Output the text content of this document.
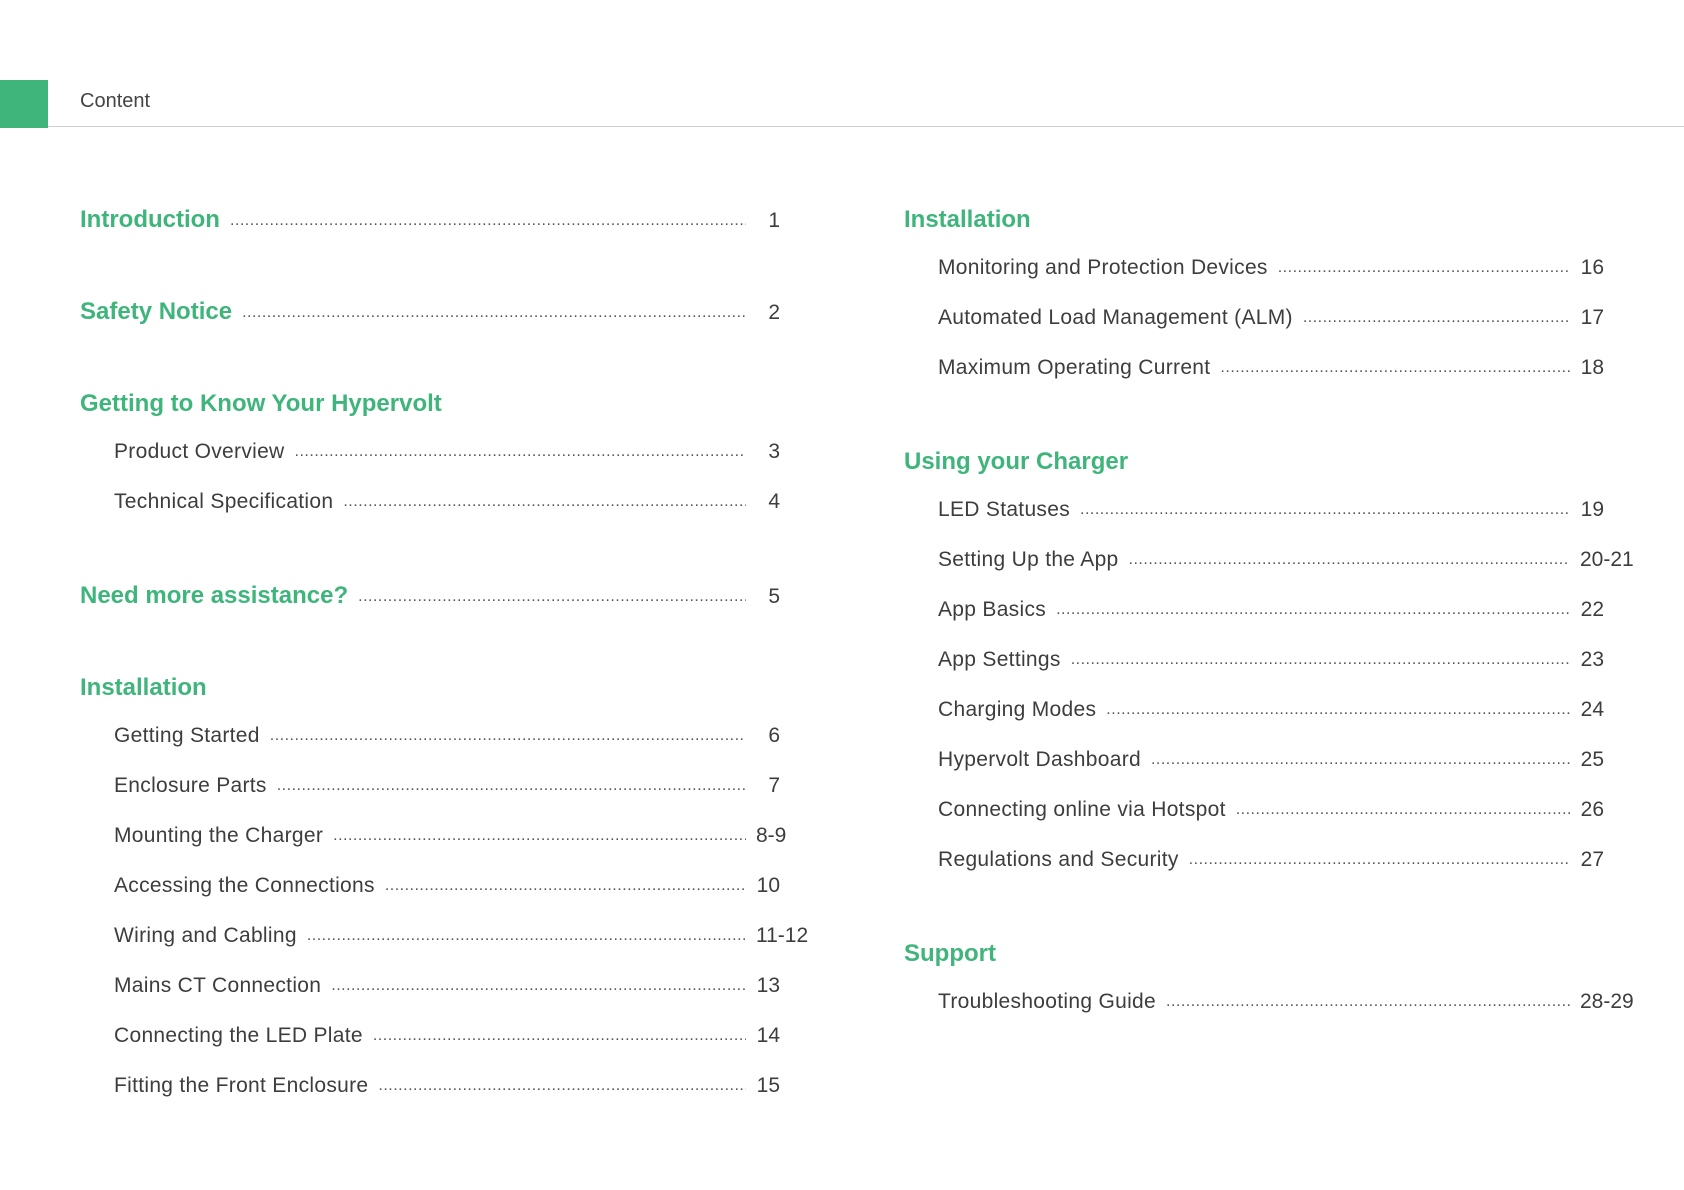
Content
Introduction .....	1
Safety Notice .....	2
Getting to Know Your Hypervolt
Product Overview .....	3
Technical Specification .....	4
Need more assistance? .....	5
Installation
Getting Started .....	6
Enclosure Parts .....	7
Mounting the Charger .....	8-9
Accessing the Connections .....	10
Wiring and Cabling .....	11-12
Mains CT Connection .....	13
Connecting the LED Plate .....	14
Fitting the Front Enclosure .....	15
Installation
Monitoring and Protection Devices .....	16
Automated Load Management (ALM) .....	17
Maximum Operating Current .....	18
Using your Charger
LED Statuses .....	19
Setting Up the App .....	20-21
App Basics .....	22
App Settings .....	23
Charging Modes .....	24
Hypervolt Dashboard .....	25
Connecting online via Hotspot .....	26
Regulations and Security .....	27
Support
Troubleshooting Guide .....	28-29
